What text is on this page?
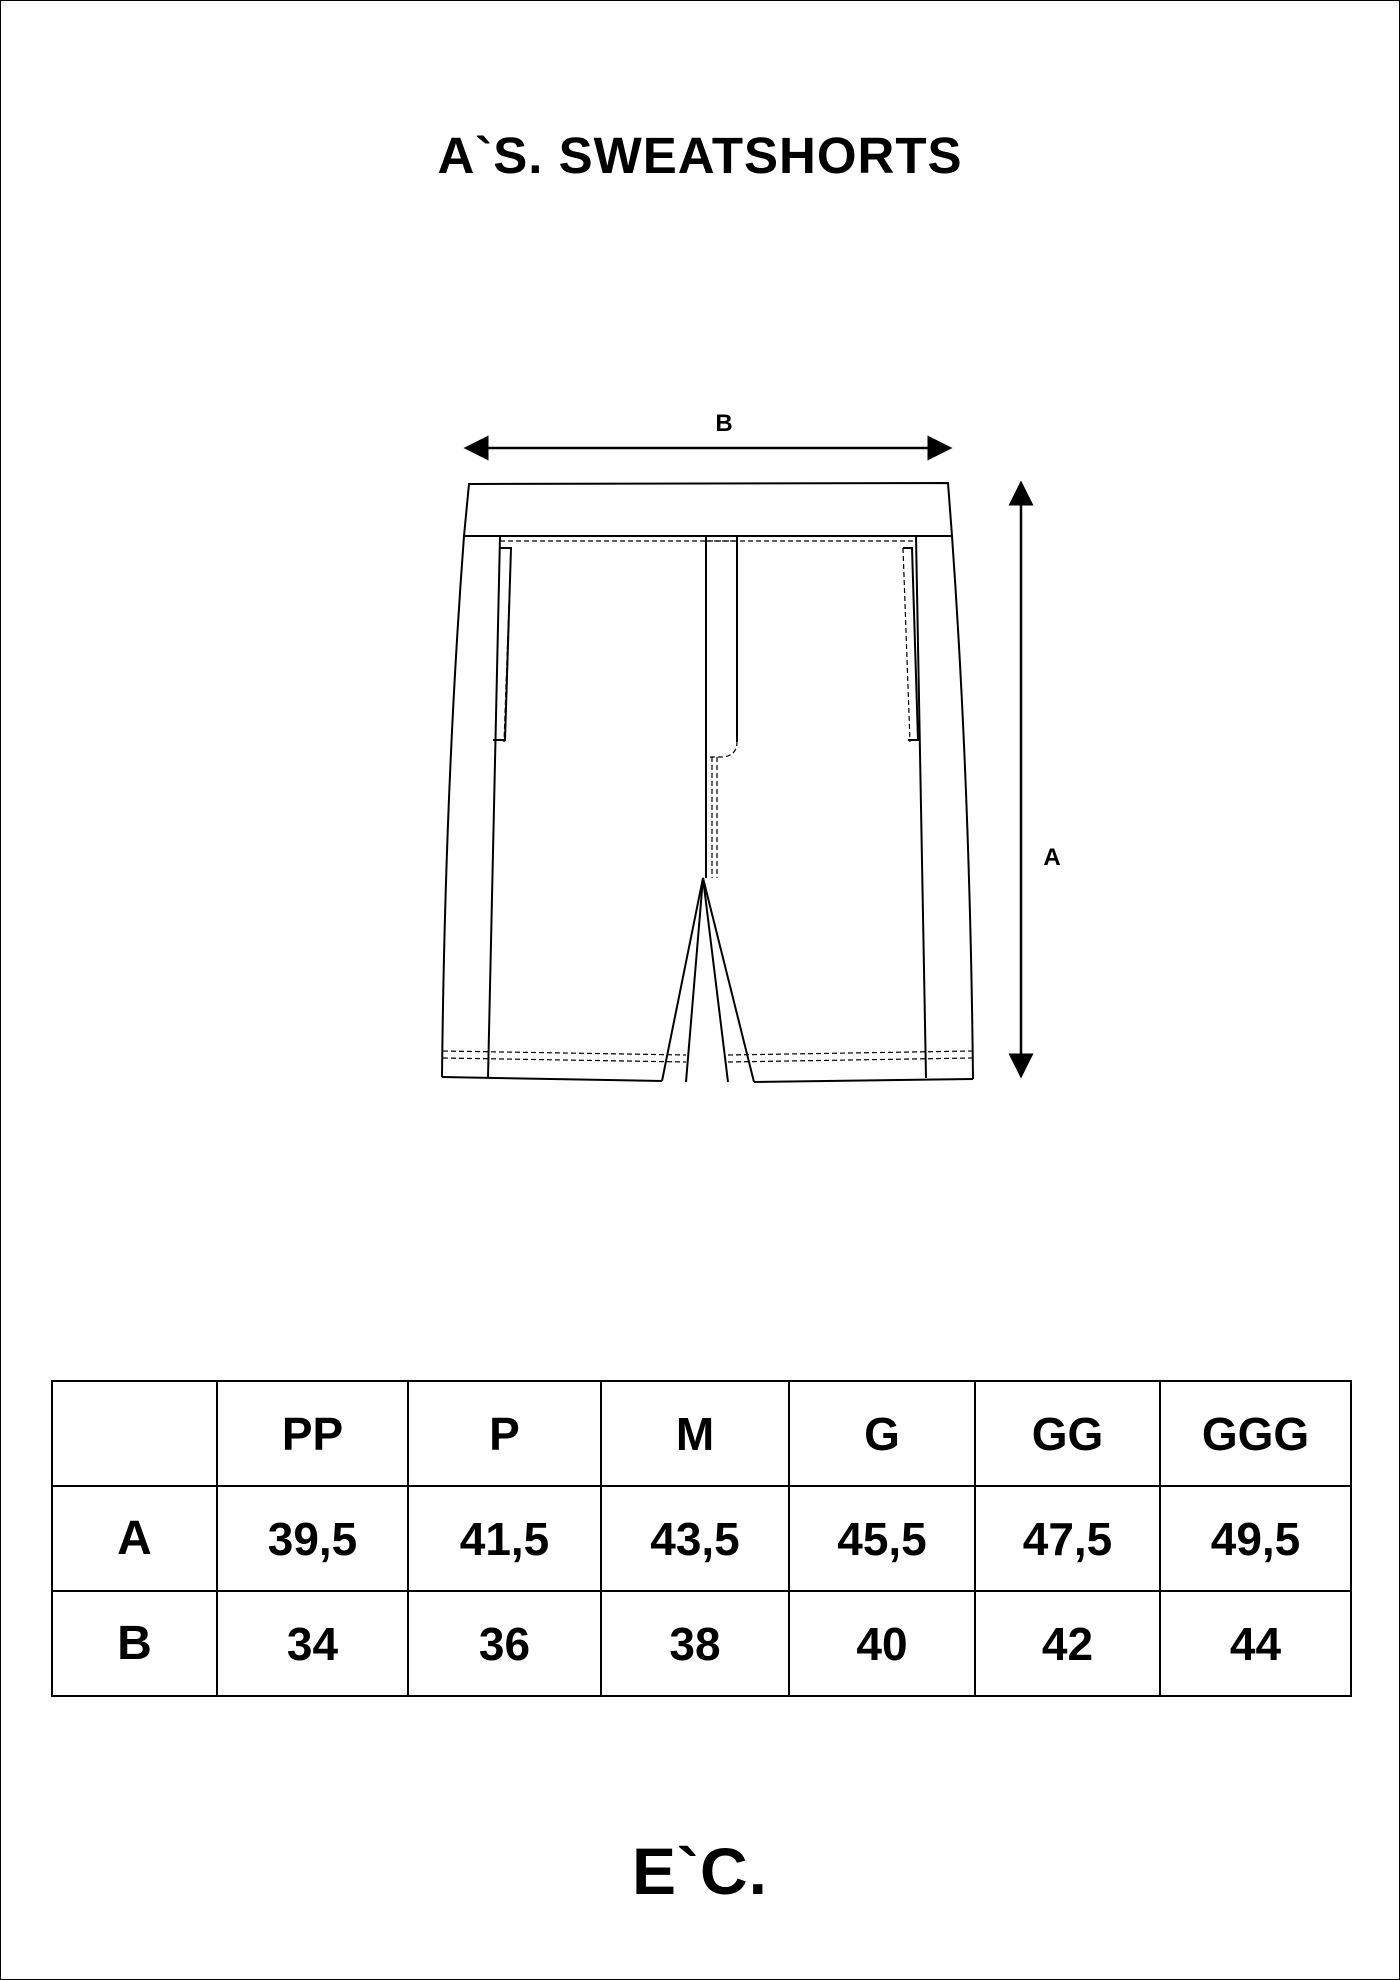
A`S. SWEATSHORTS
B
A
	PP	P	M	G	GG	GGG
A	39,5	41,5	43,5	45,5	47,5	49,5
B	34	36	38	40	42	44
E`C.
